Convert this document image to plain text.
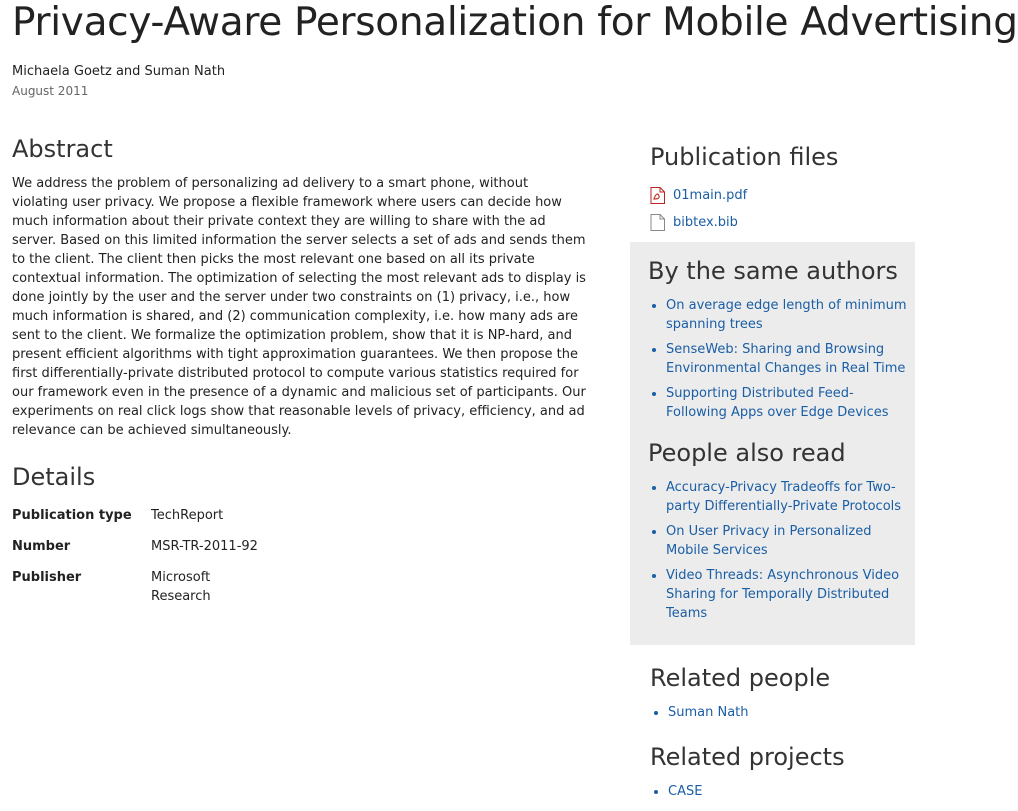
Privacy-Aware Personalization for Mobile Advertising
Michaela Goetz and Suman Nath
August 2011
Abstract

We address the problem of personalizing ad delivery to a smart phone, without violating user privacy. We propose a flexible framework where users can decide how much information about their private context they are willing to share with the ad server. Based on this limited information the server selects a set of ads and sends them to the client. The client then picks the most relevant one based on all its private contextual information. The optimization of selecting the most relevant ads to display is done jointly by the user and the server under two constraints on (1) privacy, i.e., how much information is shared, and (2) communication complexity, i.e. how many ads are sent to the client. We formalize the optimization problem, show that it is NP-hard, and present efficient algorithms with tight approximation guarantees. We then propose the first differentially-private distributed protocol to compute various statistics required for our framework even in the presence of a dynamic and malicious set of participants. Our experiments on real click logs show that reasonable levels of privacy, efficiency, and ad relevance can be achieved simultaneously.

Details
Publication type	TechReport
Number	MSR-TR-2011-92
Publisher	Microsoft Research
Publication files
01main.pdf
bibtex.bib
By the same authors
• On average edge length of minimum spanning trees
• SenseWeb: Sharing and Browsing Environmental Changes in Real Time
• Supporting Distributed Feed-Following Apps over Edge Devices
People also read
• Accuracy-Privacy Tradeoffs for Two-party Differentially-Private Protocols
• On User Privacy in Personalized Mobile Services
• Video Threads: Asynchronous Video Sharing for Temporally Distributed Teams
Related people
• Suman Nath
Related projects
• CASE
